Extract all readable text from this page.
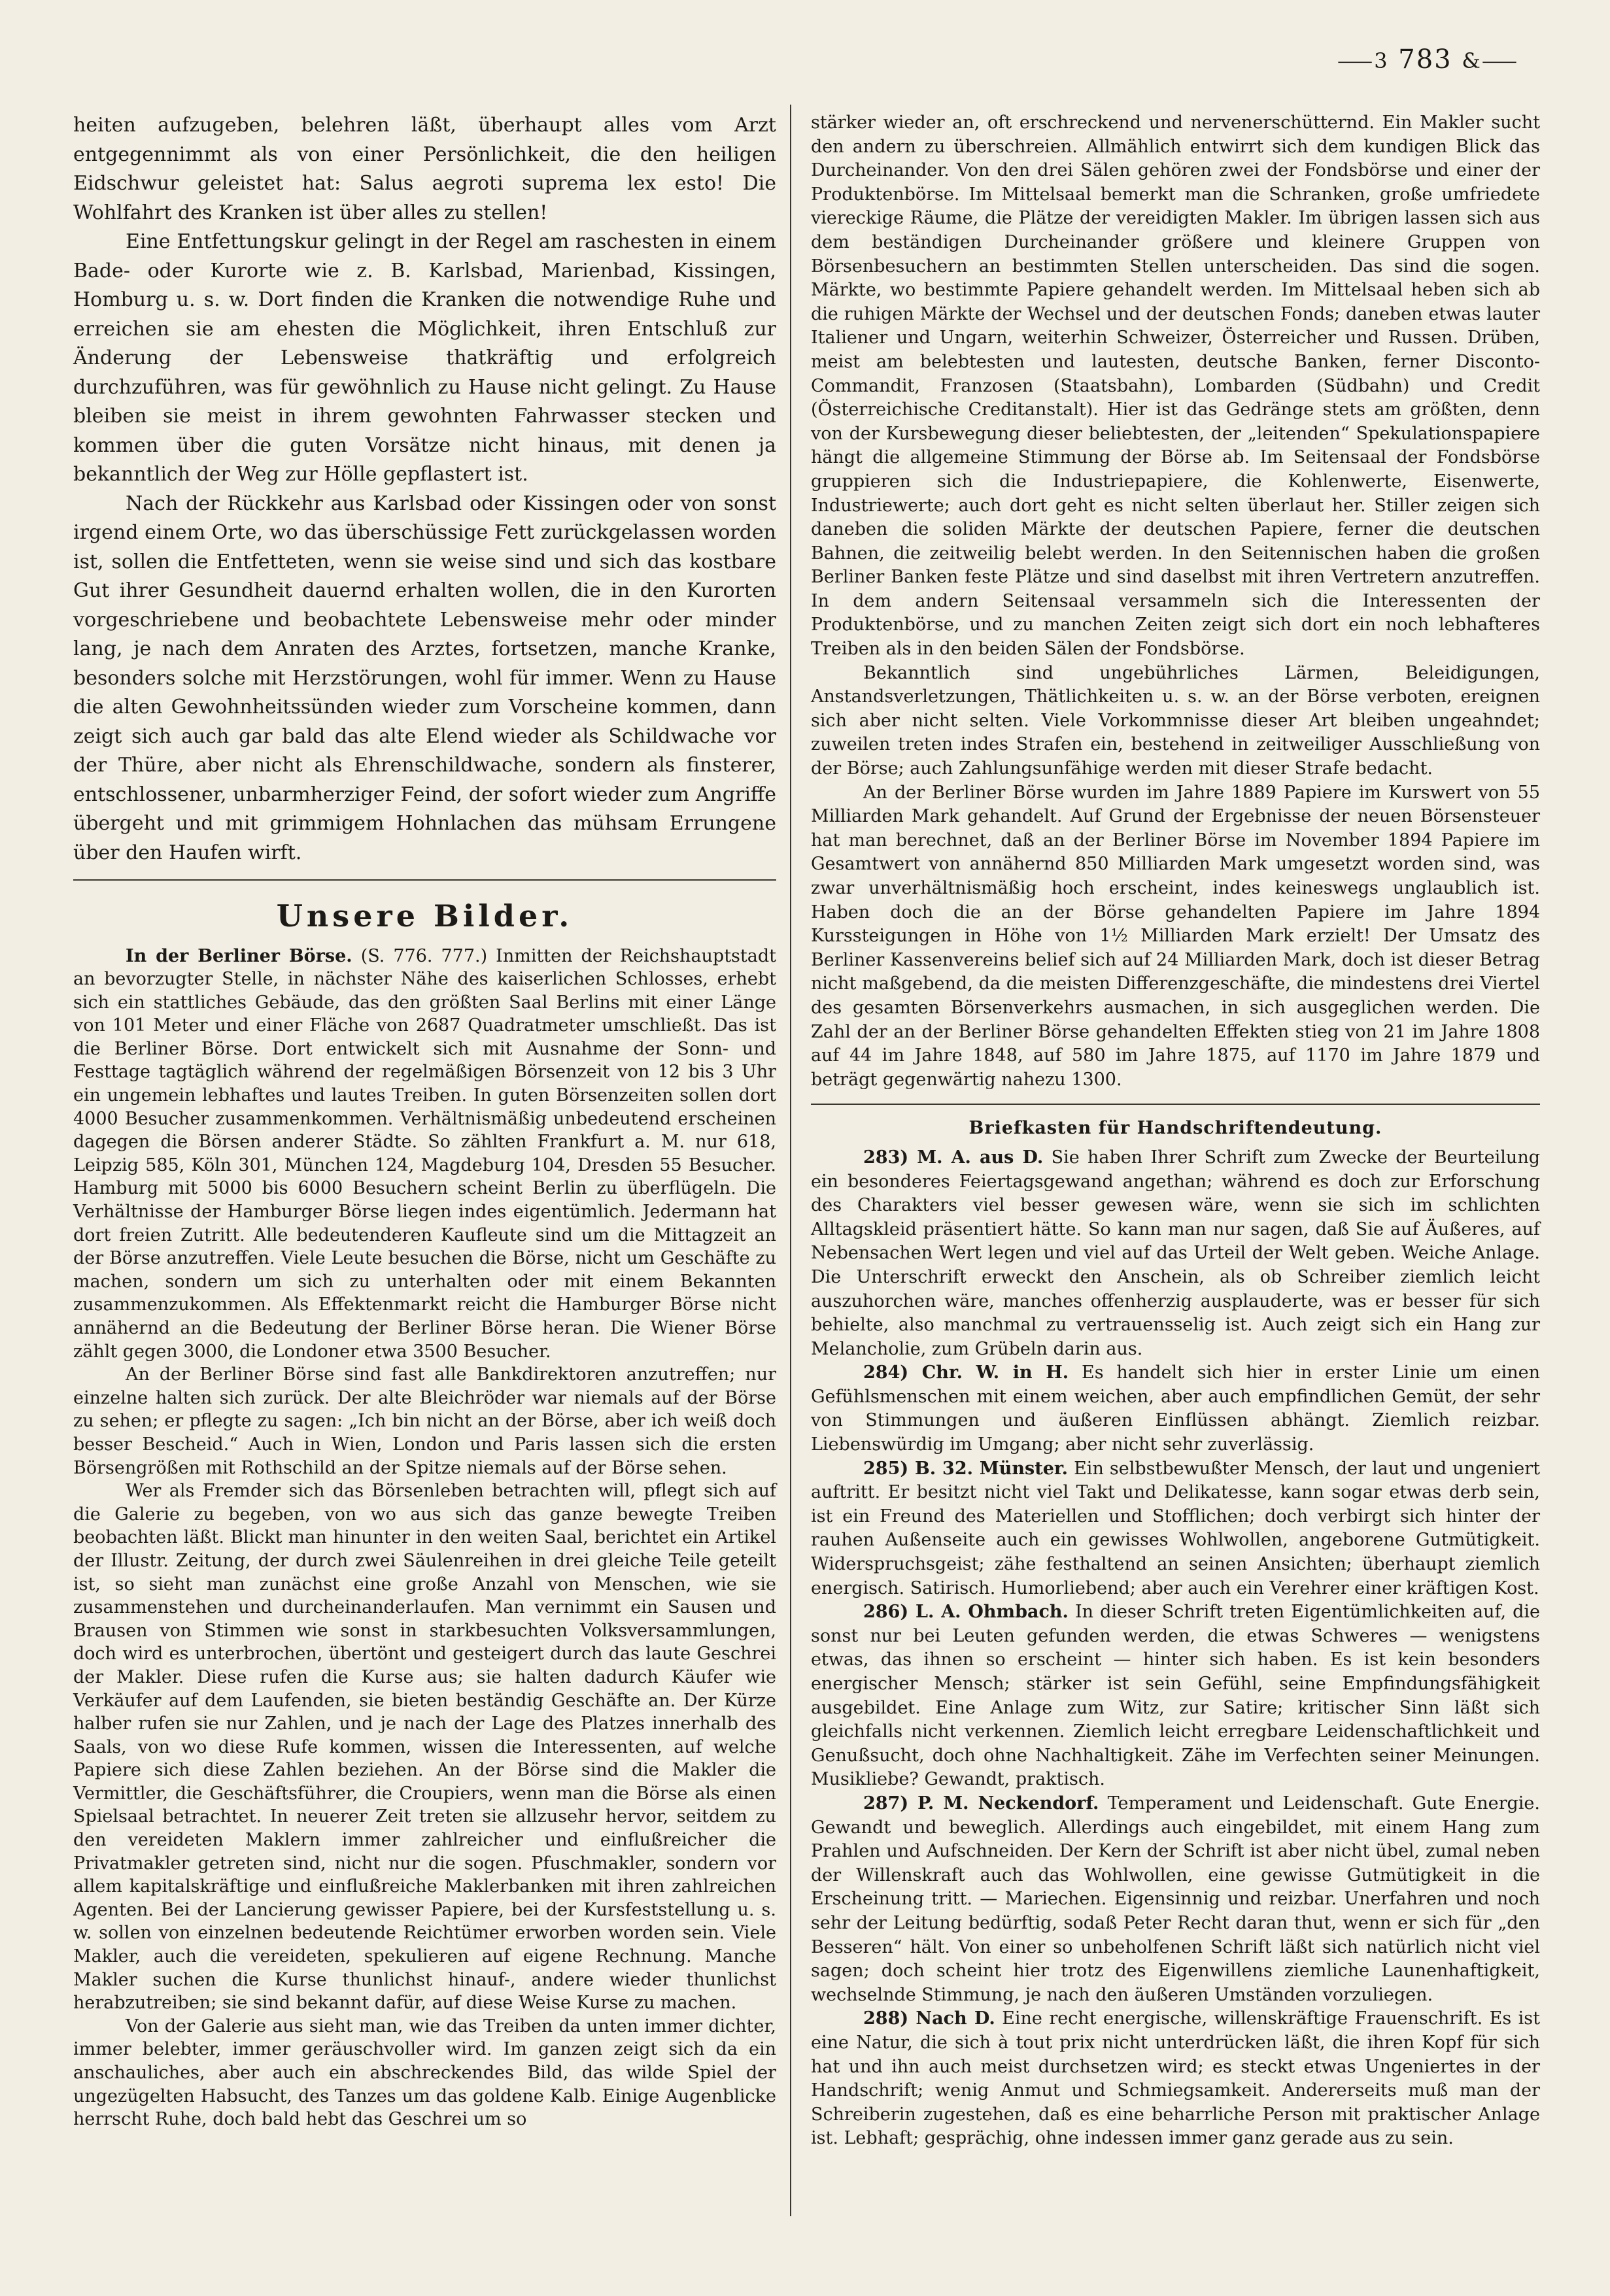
⸺3 783 &⸺

heiten aufzugeben, belehren läßt, überhaupt alles vom Arzt entgegennimmt als von einer Persönlichkeit, die den heiligen Eidschwur geleistet hat: Salus aegroti suprema lex esto! Die Wohlfahrt des Kranken ist über alles zu stellen!

Eine Entfettungskur gelingt in der Regel am raschesten in einem Bade- oder Kurorte wie z. B. Karlsbad, Marienbad, Kissingen, Homburg u. s. w. Dort finden die Kranken die notwendige Ruhe und erreichen sie am ehesten die Möglichkeit, ihren Entschluß zur Änderung der Lebensweise thatkräftig und erfolgreich durchzuführen, was für gewöhnlich zu Hause nicht gelingt. Zu Hause bleiben sie meist in ihrem gewohnten Fahrwasser stecken und kommen über die guten Vorsätze nicht hinaus, mit denen ja bekanntlich der Weg zur Hölle gepflastert ist.

Nach der Rückkehr aus Karlsbad oder Kissingen oder von sonst irgend einem Orte, wo das überschüssige Fett zurückgelassen worden ist, sollen die Entfetteten, wenn sie weise sind und sich das kostbare Gut ihrer Gesundheit dauernd erhalten wollen, die in den Kurorten vorgeschriebene und beobachtete Lebensweise mehr oder minder lang, je nach dem Anraten des Arztes, fortsetzen, manche Kranke, besonders solche mit Herzstörungen, wohl für immer. Wenn zu Hause die alten Gewohnheitssünden wieder zum Vorscheine kommen, dann zeigt sich auch gar bald das alte Elend wieder als Schildwache vor der Thüre, aber nicht als Ehrenschildwache, sondern als finsterer, entschlossener, unbarmherziger Feind, der sofort wieder zum Angriffe übergeht und mit grimmigem Hohnlachen das mühsam Errungene über den Haufen wirft.

Unsere Bilder.

In der Berliner Börse. (S. 776. 777.) Inmitten der Reichshauptstadt an bevorzugter Stelle, in nächster Nähe des kaiserlichen Schlosses, erhebt sich ein stattliches Gebäude, das den größten Saal Berlins mit einer Länge von 101 Meter und einer Fläche von 2687 Quadratmeter umschließt. Das ist die Berliner Börse. Dort entwickelt sich mit Ausnahme der Sonn- und Festtage tagtäglich während der regelmäßigen Börsenzeit von 12 bis 3 Uhr ein ungemein lebhaftes und lautes Treiben. In guten Börsenzeiten sollen dort 4000 Besucher zusammenkommen. Verhältnismäßig unbedeutend erscheinen dagegen die Börsen anderer Städte. So zählten Frankfurt a. M. nur 618, Leipzig 585, Köln 301, München 124, Magdeburg 104, Dresden 55 Besucher. Hamburg mit 5000 bis 6000 Besuchern scheint Berlin zu überflügeln. Die Verhältnisse der Hamburger Börse liegen indes eigentümlich. Jedermann hat dort freien Zutritt. Alle bedeutenderen Kaufleute sind um die Mittagzeit an der Börse anzutreffen. Viele Leute besuchen die Börse, nicht um Geschäfte zu machen, sondern um sich zu unterhalten oder mit einem Bekannten zusammenzukommen. Als Effektenmarkt reicht die Hamburger Börse nicht annähernd an die Bedeutung der Berliner Börse heran. Die Wiener Börse zählt gegen 3000, die Londoner etwa 3500 Besucher.

An der Berliner Börse sind fast alle Bankdirektoren anzutreffen; nur einzelne halten sich zurück. Der alte Bleichröder war niemals auf der Börse zu sehen; er pflegte zu sagen: „Ich bin nicht an der Börse, aber ich weiß doch besser Bescheid.“ Auch in Wien, London und Paris lassen sich die ersten Börsengrößen mit Rothschild an der Spitze niemals auf der Börse sehen.

Wer als Fremder sich das Börsenleben betrachten will, pflegt sich auf die Galerie zu begeben, von wo aus sich das ganze bewegte Treiben beobachten läßt. Blickt man hinunter in den weiten Saal, berichtet ein Artikel der Illustr. Zeitung, der durch zwei Säulenreihen in drei gleiche Teile geteilt ist, so sieht man zunächst eine große Anzahl von Menschen, wie sie zusammenstehen und durcheinanderlaufen. Man vernimmt ein Sausen und Brausen von Stimmen wie sonst in starkbesuchten Volksversammlungen, doch wird es unterbrochen, übertönt und gesteigert durch das laute Geschrei der Makler. Diese rufen die Kurse aus; sie halten dadurch Käufer wie Verkäufer auf dem Laufenden, sie bieten beständig Geschäfte an. Der Kürze halber rufen sie nur Zahlen, und je nach der Lage des Platzes innerhalb des Saals, von wo diese Rufe kommen, wissen die Interessenten, auf welche Papiere sich diese Zahlen beziehen. An der Börse sind die Makler die Vermittler, die Geschäftsführer, die Croupiers, wenn man die Börse als einen Spielsaal betrachtet. In neuerer Zeit treten sie allzusehr hervor, seitdem zu den vereideten Maklern immer zahlreicher und einflußreicher die Privatmakler getreten sind, nicht nur die sogen. Pfuschmakler, sondern vor allem kapitalskräftige und einflußreiche Maklerbanken mit ihren zahlreichen Agenten. Bei der Lancierung gewisser Papiere, bei der Kursfeststellung u. s. w. sollen von einzelnen bedeutende Reichtümer erworben worden sein. Viele Makler, auch die vereideten, spekulieren auf eigene Rechnung. Manche Makler suchen die Kurse thunlichst hinauf-, andere wieder thunlichst herabzutreiben; sie sind bekannt dafür, auf diese Weise Kurse zu machen.

Von der Galerie aus sieht man, wie das Treiben da unten immer dichter, immer belebter, immer geräuschvoller wird. Im ganzen zeigt sich da ein anschauliches, aber auch ein abschreckendes Bild, das wilde Spiel der ungezügelten Habsucht, des Tanzes um das goldene Kalb. Einige Augenblicke herrscht Ruhe, doch bald hebt das Geschrei um so

stärker wieder an, oft erschreckend und nervenerschütternd. Ein Makler sucht den andern zu überschreien. Allmählich entwirrt sich dem kundigen Blick das Durcheinander. Von den drei Sälen gehören zwei der Fondsbörse und einer der Produktenbörse. Im Mittelsaal bemerkt man die Schranken, große umfriedete viereckige Räume, die Plätze der vereidigten Makler. Im übrigen lassen sich aus dem beständigen Durcheinander größere und kleinere Gruppen von Börsenbesuchern an bestimmten Stellen unterscheiden. Das sind die sogen. Märkte, wo bestimmte Papiere gehandelt werden. Im Mittelsaal heben sich ab die ruhigen Märkte der Wechsel und der deutschen Fonds; daneben etwas lauter Italiener und Ungarn, weiterhin Schweizer, Österreicher und Russen. Drüben, meist am belebtesten und lautesten, deutsche Banken, ferner Disconto-Commandit, Franzosen (Staatsbahn), Lombarden (Südbahn) und Credit (Österreichische Creditanstalt). Hier ist das Gedränge stets am größten, denn von der Kursbewegung dieser beliebtesten, der „leitenden“ Spekulationspapiere hängt die allgemeine Stimmung der Börse ab. Im Seitensaal der Fondsbörse gruppieren sich die Industriepapiere, die Kohlenwerte, Eisenwerte, Industriewerte; auch dort geht es nicht selten überlaut her. Stiller zeigen sich daneben die soliden Märkte der deutschen Papiere, ferner die deutschen Bahnen, die zeitweilig belebt werden. In den Seitennischen haben die großen Berliner Banken feste Plätze und sind daselbst mit ihren Vertretern anzutreffen. In dem andern Seitensaal versammeln sich die Interessenten der Produktenbörse, und zu manchen Zeiten zeigt sich dort ein noch lebhafteres Treiben als in den beiden Sälen der Fondsbörse.

Bekanntlich sind ungebührliches Lärmen, Beleidigungen, Anstandsverletzungen, Thätlichkeiten u. s. w. an der Börse verboten, ereignen sich aber nicht selten. Viele Vorkommnisse dieser Art bleiben ungeahndet; zuweilen treten indes Strafen ein, bestehend in zeitweiliger Ausschließung von der Börse; auch Zahlungsunfähige werden mit dieser Strafe bedacht.

An der Berliner Börse wurden im Jahre 1889 Papiere im Kurswert von 55 Milliarden Mark gehandelt. Auf Grund der Ergebnisse der neuen Börsensteuer hat man berechnet, daß an der Berliner Börse im November 1894 Papiere im Gesamtwert von annähernd 850 Milliarden Mark umgesetzt worden sind, was zwar unverhältnismäßig hoch erscheint, indes keineswegs unglaublich ist. Haben doch die an der Börse gehandelten Papiere im Jahre 1894 Kurssteigungen in Höhe von 1½ Milliarden Mark erzielt! Der Umsatz des Berliner Kassenvereins belief sich auf 24 Milliarden Mark, doch ist dieser Betrag nicht maßgebend, da die meisten Differenzgeschäfte, die mindestens drei Viertel des gesamten Börsenverkehrs ausmachen, in sich ausgeglichen werden. Die Zahl der an der Berliner Börse gehandelten Effekten stieg von 21 im Jahre 1808 auf 44 im Jahre 1848, auf 580 im Jahre 1875, auf 1170 im Jahre 1879 und beträgt gegenwärtig nahezu 1300.

Briefkasten für Handschriftendeutung.

283) M. A. aus D. Sie haben Ihrer Schrift zum Zwecke der Beurteilung ein besonderes Feiertagsgewand angethan; während es doch zur Erforschung des Charakters viel besser gewesen wäre, wenn sie sich im schlichten Alltagskleid präsentiert hätte. So kann man nur sagen, daß Sie auf Äußeres, auf Nebensachen Wert legen und viel auf das Urteil der Welt geben. Weiche Anlage. Die Unterschrift erweckt den Anschein, als ob Schreiber ziemlich leicht auszuhorchen wäre, manches offenherzig ausplauderte, was er besser für sich behielte, also manchmal zu vertrauensselig ist. Auch zeigt sich ein Hang zur Melancholie, zum Grübeln darin aus.

284) Chr. W. in H. Es handelt sich hier in erster Linie um einen Gefühlsmenschen mit einem weichen, aber auch empfindlichen Gemüt, der sehr von Stimmungen und äußeren Einflüssen abhängt. Ziemlich reizbar. Liebenswürdig im Umgang; aber nicht sehr zuverlässig.

285) B. 32. Münster. Ein selbstbewußter Mensch, der laut und ungeniert auftritt. Er besitzt nicht viel Takt und Delikatesse, kann sogar etwas derb sein, ist ein Freund des Materiellen und Stofflichen; doch verbirgt sich hinter der rauhen Außenseite auch ein gewisses Wohlwollen, angeborene Gutmütigkeit. Widerspruchsgeist; zähe festhaltend an seinen Ansichten; überhaupt ziemlich energisch. Satirisch. Humorliebend; aber auch ein Verehrer einer kräftigen Kost.

286) L. A. Ohmbach. In dieser Schrift treten Eigentümlichkeiten auf, die sonst nur bei Leuten gefunden werden, die etwas Schweres — wenigstens etwas, das ihnen so erscheint — hinter sich haben. Es ist kein besonders energischer Mensch; stärker ist sein Gefühl, seine Empfindungsfähigkeit ausgebildet. Eine Anlage zum Witz, zur Satire; kritischer Sinn läßt sich gleichfalls nicht verkennen. Ziemlich leicht erregbare Leidenschaftlichkeit und Genußsucht, doch ohne Nachhaltigkeit. Zähe im Verfechten seiner Meinungen. Musikliebe? Gewandt, praktisch.

287) P. M. Neckendorf. Temperament und Leidenschaft. Gute Energie. Gewandt und beweglich. Allerdings auch eingebildet, mit einem Hang zum Prahlen und Aufschneiden. Der Kern der Schrift ist aber nicht übel, zumal neben der Willenskraft auch das Wohlwollen, eine gewisse Gutmütigkeit in die Erscheinung tritt. — Mariechen. Eigensinnig und reizbar. Unerfahren und noch sehr der Leitung bedürftig, sodaß Peter Recht daran thut, wenn er sich für „den Besseren“ hält. Von einer so unbeholfenen Schrift läßt sich natürlich nicht viel sagen; doch scheint hier trotz des Eigenwillens ziemliche Launenhaftigkeit, wechselnde Stimmung, je nach den äußeren Umständen vorzuliegen.

288) Nach D. Eine recht energische, willenskräftige Frauenschrift. Es ist eine Natur, die sich à tout prix nicht unterdrücken läßt, die ihren Kopf für sich hat und ihn auch meist durchsetzen wird; es steckt etwas Ungeniertes in der Handschrift; wenig Anmut und Schmiegsamkeit. Andererseits muß man der Schreiberin zugestehen, daß es eine beharrliche Person mit praktischer Anlage ist. Lebhaft; gesprächig, ohne indessen immer ganz gerade aus zu sein.
